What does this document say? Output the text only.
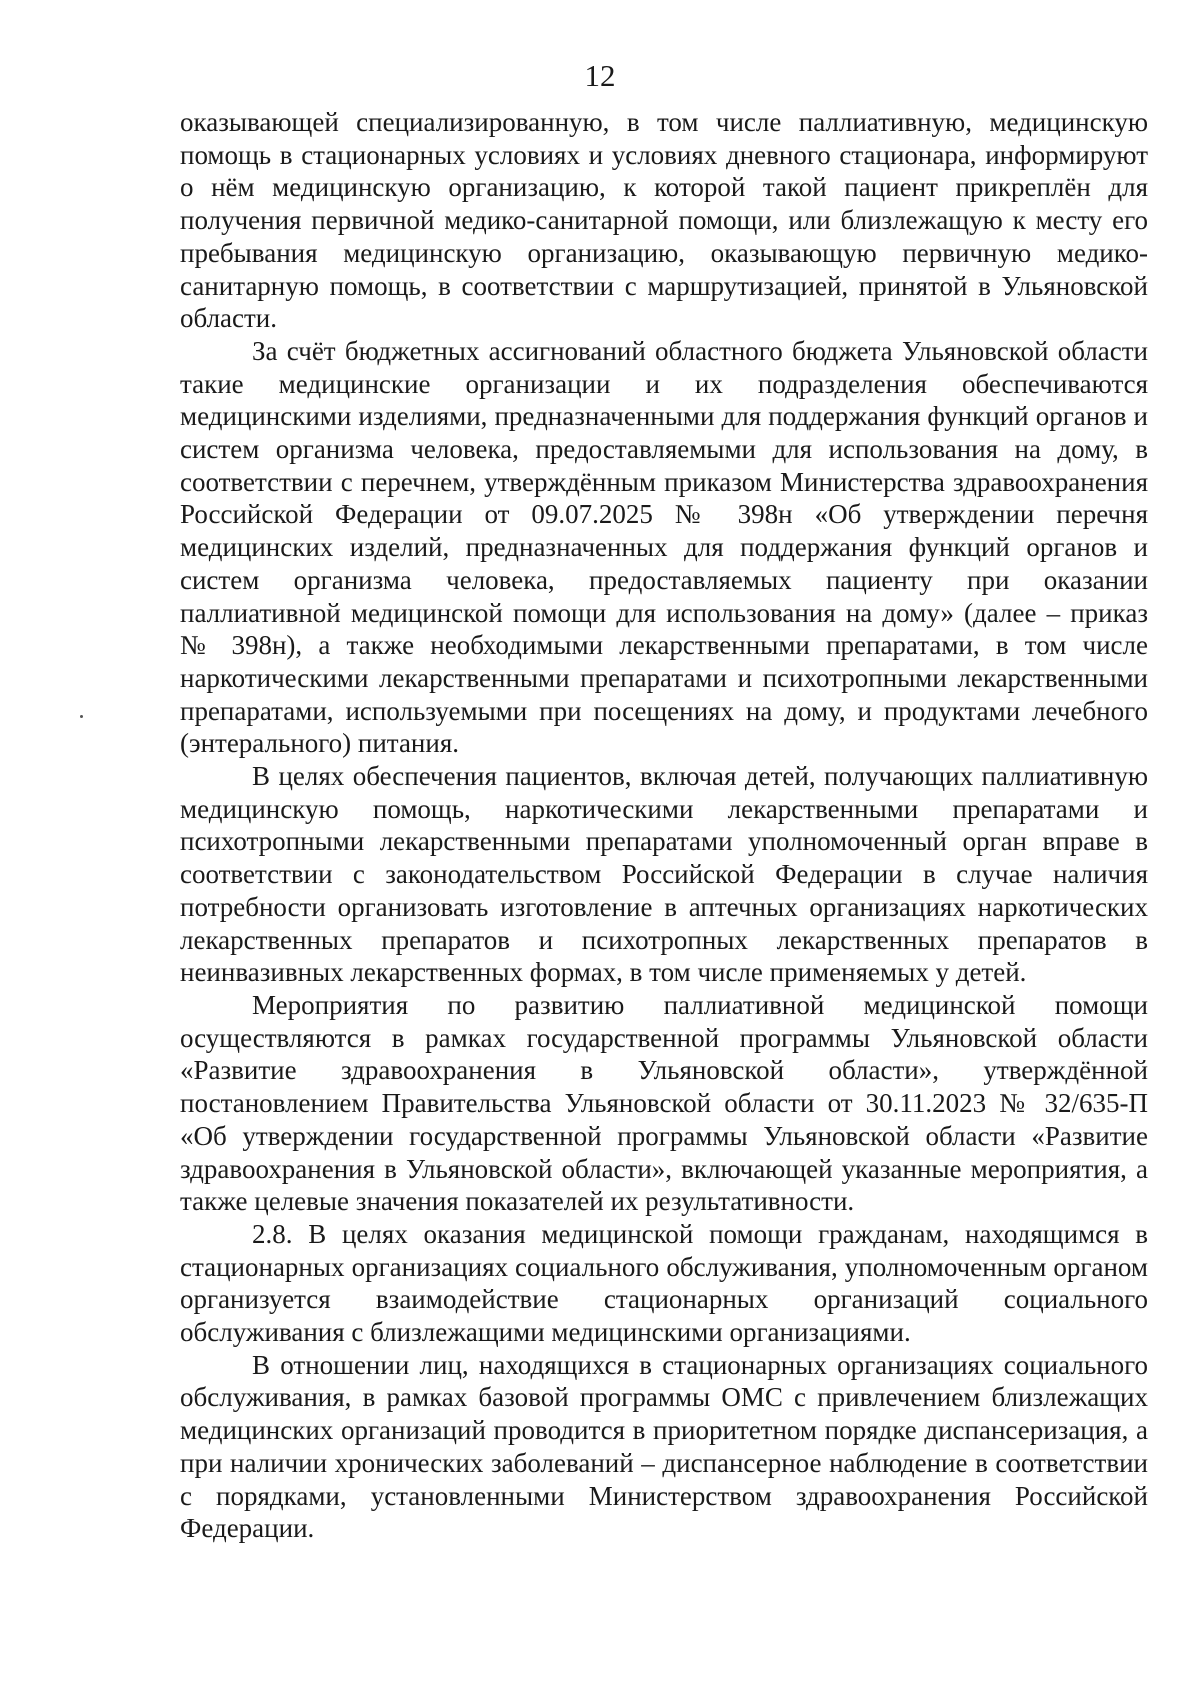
12

оказывающей специализированную, в том числе паллиативную, медицинскую помощь в стационарных условиях и условиях дневного стационара, информируют о нём медицинскую организацию, к которой такой пациент прикреплён для получения первичной медико-санитарной помощи, или близлежащую к месту его пребывания медицинскую организацию, оказывающую первичную медико-санитарную помощь, в соответствии с маршрутизацией, принятой в Ульяновской области.

За счёт бюджетных ассигнований областного бюджета Ульяновской области такие медицинские организации и их подразделения обеспечиваются медицинскими изделиями, предназначенными для поддержания функций органов и систем организма человека, предоставляемыми для использования на дому, в соответствии с перечнем, утверждённым приказом Министерства здравоохранения Российской Федерации от 09.07.2025 № 398н «Об утверждении перечня медицинских изделий, предназначенных для поддержания функций органов и систем организма человека, предоставляемых пациенту при оказании паллиативной медицинской помощи для использования на дому» (далее – приказ № 398н), а также необходимыми лекарственными препаратами, в том числе наркотическими лекарственными препаратами и психотропными лекарственными препаратами, используемыми при посещениях на дому, и продуктами лечебного (энтерального) питания.

В целях обеспечения пациентов, включая детей, получающих паллиативную медицинскую помощь, наркотическими лекарственными препаратами и психотропными лекарственными препаратами уполномоченный орган вправе в соответствии с законодательством Российской Федерации в случае наличия потребности организовать изготовление в аптечных организациях наркотических лекарственных препаратов и психотропных лекарственных препаратов в неинвазивных лекарственных формах, в том числе применяемых у детей.

Мероприятия по развитию паллиативной медицинской помощи осуществляются в рамках государственной программы Ульяновской области «Развитие здравоохранения в Ульяновской области», утверждённой постановлением Правительства Ульяновской области от 30.11.2023 № 32/635-П «Об утверждении государственной программы Ульяновской области «Развитие здравоохранения в Ульяновской области», включающей указанные мероприятия, а также целевые значения показателей их результативности.

2.8. В целях оказания медицинской помощи гражданам, находящимся в стационарных организациях социального обслуживания, уполномоченным органом организуется взаимодействие стационарных организаций социального обслуживания с близлежащими медицинскими организациями.

В отношении лиц, находящихся в стационарных организациях социального обслуживания, в рамках базовой программы ОМС с привлечением близлежащих медицинских организаций проводится в приоритетном порядке диспансеризация, а при наличии хронических заболеваний – диспансерное наблюдение в соответствии с порядками, установленными Министерством здравоохранения Российской Федерации.
